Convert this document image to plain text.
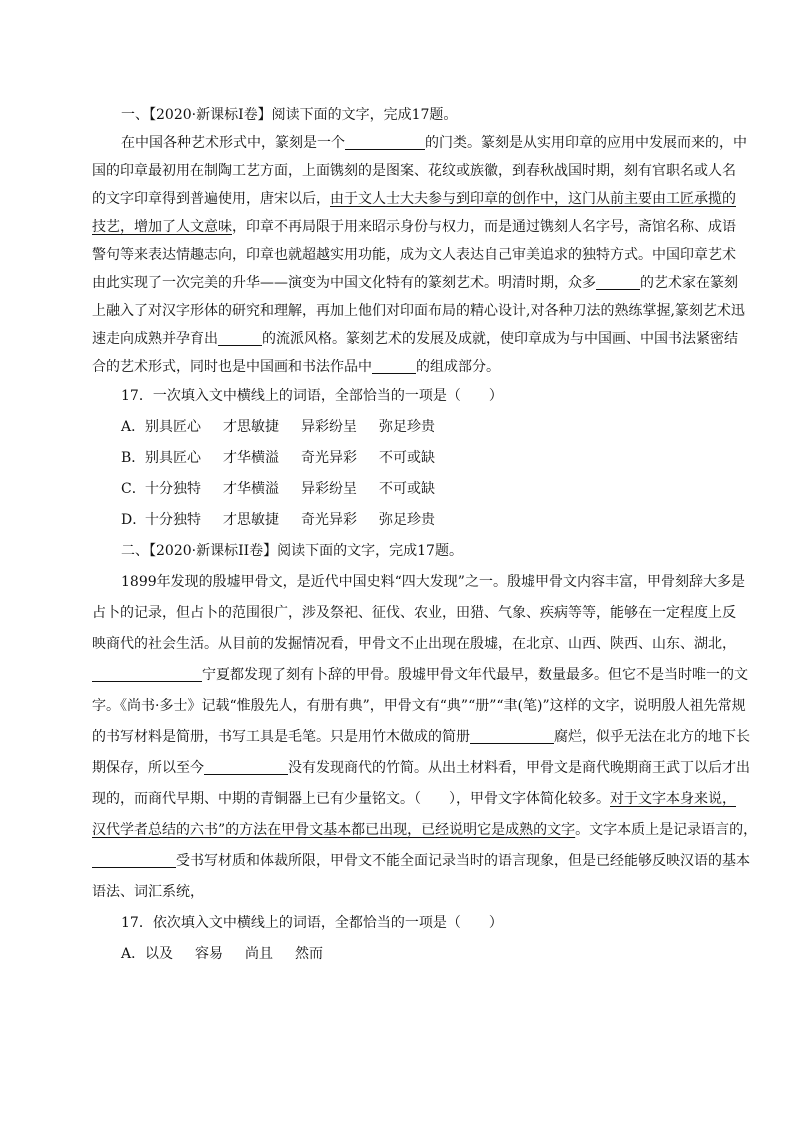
一、【2020·新课标Ⅰ卷】阅读下面的文字，完成17题。
在中国各种艺术形式中，篆刻是一个	的门类。篆刻是从实用印章的应用中发展而来的，中
国的印章最初用在制陶工艺方面，上面镌刻的是图案、花纹或族徽，到春秋战国时期，刻有官职名或人名
的文字印章得到普遍使用，唐宋以后，由于文人士大夫参与到印章的创作中，这门从前主要由工匠承揽的
技艺，增加了人文意味，印章不再局限于用来昭示身份与权力，而是通过镌刻人名字号，斋馆名称、成语
警句等来表达情趣志向，印章也就超越实用功能，成为文人表达自己审美追求的独特方式。中国印章艺术
由此实现了一次完美的升华——演变为中国文化特有的篆刻艺术。明清时期，众多	的艺术家在篆刻
上融入了对汉字形体的研究和理解，再加上他们对印面布局的精心设计,对各种刀法的熟练掌握,篆刻艺术迅
速走向成熟并孕育出	的流派风格。篆刻艺术的发展及成就，使印章成为与中国画、中国书法紧密结
合的艺术形式，同时也是中国画和书法作品中	的组成部分。
17．一次填入文中横线上的词语，全部恰当的一项是（　　）
A．别具匠心 才思敏捷 异彩纷呈 弥足珍贵
B．别具匠心 才华横溢 奇光异彩 不可或缺
C．十分独特 才华横溢 异彩纷呈 不可或缺
D．十分独特 才思敏捷 奇光异彩 弥足珍贵
二、【2020·新课标II卷】阅读下面的文字，完成17题。
1899年发现的殷墟甲骨文，是近代中国史料“四大发现”之一。殷墟甲骨文内容丰富，甲骨刻辞大多是
占卜的记录，但占卜的范围很广，涉及祭祀、征伐、农业，田猎、气象、疾病等等，能够在一定程度上反
映商代的社会生活。从目前的发掘情况看，甲骨文不止出现在殷墟，在北京、山西、陕西、山东、湖北，
宁夏都发现了刻有卜辞的甲骨。殷墟甲骨文年代最早，数量最多。但它不是当时唯一的文
字。《尚书·多士》记载“惟殷先人，有册有典”，甲骨文有“典”“册”“聿(笔)”这样的文字，说明殷人祖先常规
的书写材料是简册，书写工具是毛笔。只是用竹木做成的简册	腐烂，似乎无法在北方的地下长
期保存，所以至今	没有发现商代的竹简。从出土材料看，甲骨文是商代晚期商王武丁以后才出
现的，而商代早期、中期的青铜器上已有少量铭文。（　　），甲骨文字体简化较多。对于文字本身来说，
汉代学者总结的六书”的方法在甲骨文基本都已出现，已经说明它是成熟的文字。文字本质上是记录语言的，
受书写材质和体裁所限，甲骨文不能全面记录当时的语言现象，但是已经能够反映汉语的基本
语法、词汇系统，
17．依次填入文中横线上的词语，全都恰当的一项是（　　）
A．以及 容易 尚且 然而
